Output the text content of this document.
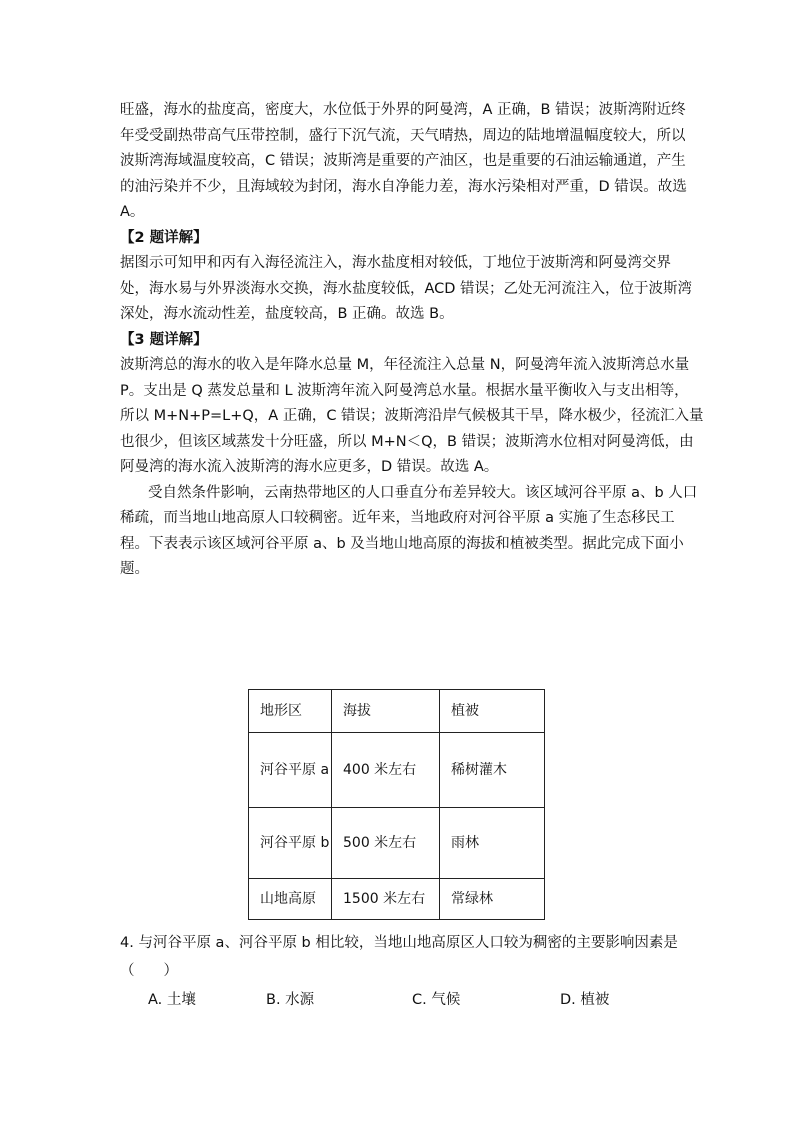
旺盛，海水的盐度高，密度大，水位低于外界的阿曼湾，A 正确，B 错误；波斯湾附近终
年受受副热带高气压带控制，盛行下沉气流，天气晴热，周边的陆地增温幅度较大，所以
波斯湾海域温度较高，C 错误；波斯湾是重要的产油区，也是重要的石油运输通道，产生
的油污染并不少，且海域较为封闭，海水自净能力差，海水污染相对严重，D 错误。故选
A。

【2 题详解】

据图示可知甲和丙有入海径流注入，海水盐度相对较低，丁地位于波斯湾和阿曼湾交界
处，海水易与外界淡海水交换，海水盐度较低，ACD 错误；乙处无河流注入，位于波斯湾
深处，海水流动性差，盐度较高，B 正确。故选 B。

【3 题详解】

波斯湾总的海水的收入是年降水总量 M，年径流注入总量 N，阿曼湾年流入波斯湾总水量
P。支出是 Q 蒸发总量和 L 波斯湾年流入阿曼湾总水量。根据水量平衡收入与支出相等，
所以 M+N+P=L+Q，A 正确，C 错误；波斯湾沿岸气候极其干旱，降水极少，径流汇入量
也很少，但该区域蒸发十分旺盛，所以 M+N＜Q，B 错误；波斯湾水位相对阿曼湾低，由
阿曼湾的海水流入波斯湾的海水应更多，D 错误。故选 A。

受自然条件影响，云南热带地区的人口垂直分布差异较大。该区域河谷平原 a、b 人口
稀疏，而当地山地高原人口较稠密。近年来，当地政府对河谷平原 a 实施了生态移民工
程。下表表示该区域河谷平原 a、b 及当地山地高原的海拔和植被类型。据此完成下面小
题。

地形区	海拔	植被
河谷平原 a	400 米左右	稀树灌木
河谷平原 b	500 米左右	雨林
山地高原	1500 米左右	常绿林
4. 与河谷平原 a、河谷平原 b 相比较，当地山地高原区人口较为稠密的主要影响因素是
（　　）
A. 土壤	B. 水源	C. 气候	D. 植被
